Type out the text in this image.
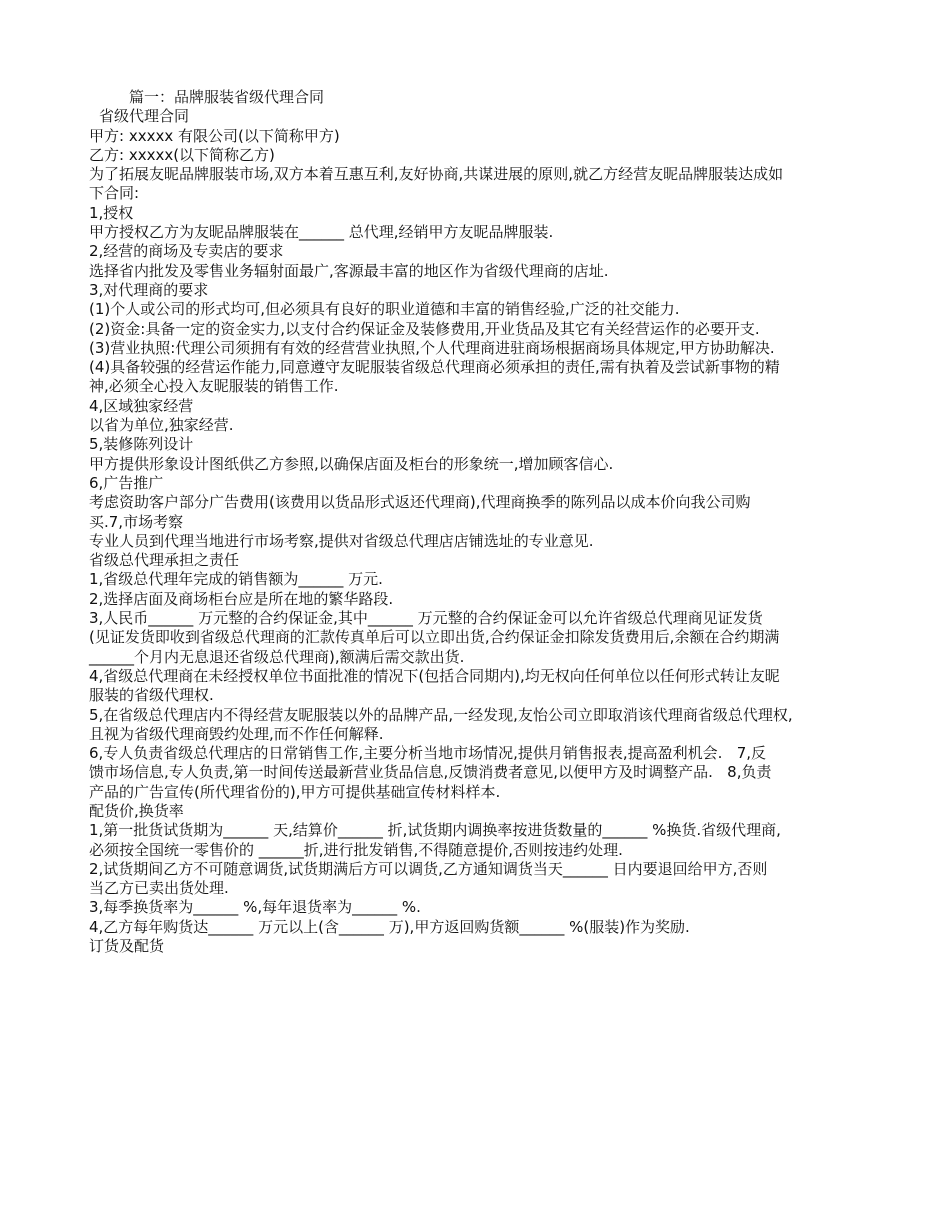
篇一：品牌服装省级代理合同

省级代理合同

甲方: xxxxx 有限公司(以下简称甲方)

乙方: xxxxx(以下简称乙方)

为了拓展友昵品牌服装市场,双方本着互惠互利,友好协商,共谋进展的原则,就乙方经营友昵品牌服装达成如

下合同:

1,授权

甲方授权乙方为友昵品牌服装在______ 总代理,经销甲方友昵品牌服装.

2,经营的商场及专卖店的要求

选择省内批发及零售业务辐射面最广,客源最丰富的地区作为省级代理商的店址.

3,对代理商的要求

(1)个人或公司的形式均可,但必须具有良好的职业道德和丰富的销售经验,广泛的社交能力.

(2)资金:具备一定的资金实力,以支付合约保证金及装修费用,开业货品及其它有关经营运作的必要开支.

(3)营业执照:代理公司须拥有有效的经营营业执照,个人代理商进驻商场根据商场具体规定,甲方协助解决.

(4)具备较强的经营运作能力,同意遵守友昵服装省级总代理商必须承担的责任,需有执着及尝试新事物的精

神,必须全心投入友昵服装的销售工作.

4,区域独家经营

以省为单位,独家经营.

5,装修陈列设计

甲方提供形象设计图纸供乙方参照,以确保店面及柜台的形象统一,增加顾客信心.

6,广告推广

考虑资助客户部分广告费用(该费用以货品形式返还代理商),代理商换季的陈列品以成本价向我公司购

买.7,市场考察

专业人员到代理当地进行市场考察,提供对省级总代理店店铺选址的专业意见.

省级总代理承担之责任

1,省级总代理年完成的销售额为______ 万元.

2,选择店面及商场柜台应是所在地的繁华路段.

3,人民币______ 万元整的合约保证金,其中______ 万元整的合约保证金可以允许省级总代理商见证发货

(见证发货即收到省级总代理商的汇款传真单后可以立即出货,合约保证金扣除发货费用后,余额在合约期满

______个月内无息退还省级总代理商),额满后需交款出货.

4,省级总代理商在未经授权单位书面批准的情况下(包括合同期内),均无权向任何单位以任何形式转让友昵

服装的省级代理权.

5,在省级总代理店内不得经营友昵服装以外的品牌产品,一经发现,友怡公司立即取消该代理商省级总代理权,

且视为省级代理商毁约处理,而不作任何解释.

6,专人负责省级总代理店的日常销售工作,主要分析当地市场情况,提供月销售报表,提高盈利机会.   7,反

馈市场信息,专人负责,第一时间传送最新营业货品信息,反馈消费者意见,以便甲方及时调整产品.   8,负责

产品的广告宣传(所代理省份的),甲方可提供基础宣传材料样本.

配货价,换货率

1,第一批货试货期为______ 天,结算价______ 折,试货期内调换率按进货数量的______ %换货.省级代理商,

必须按全国统一零售价的 ______折,进行批发销售,不得随意提价,否则按违约处理.

2,试货期间乙方不可随意调货,试货期满后方可以调货,乙方通知调货当天______ 日内要退回给甲方,否则

当乙方已卖出货处理.

3,每季换货率为______ %,每年退货率为______ %.

4,乙方每年购货达______ 万元以上(含______ 万),甲方返回购货额______ %(服装)作为奖励.

订货及配货
